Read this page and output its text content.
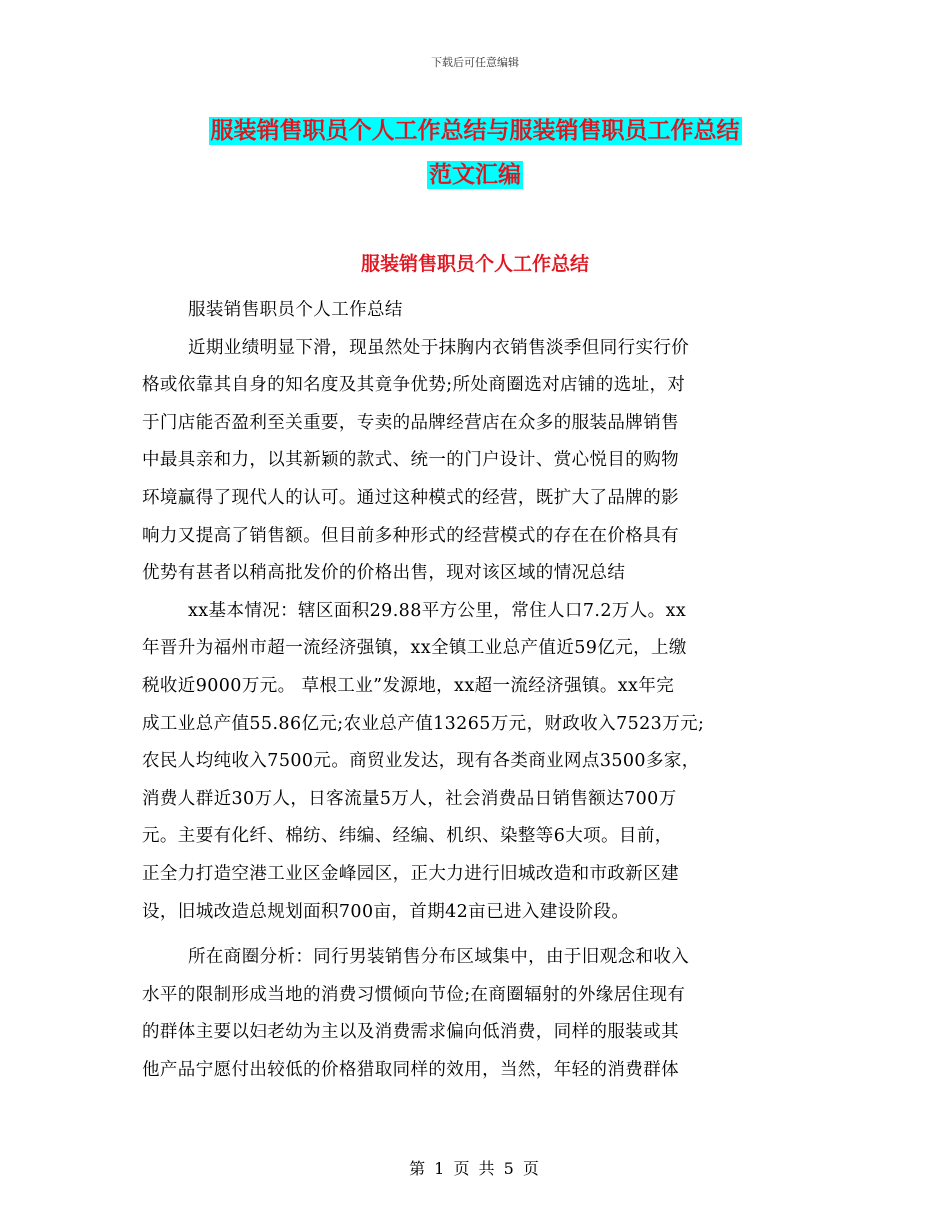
下载后可任意编辑
服装销售职员个人工作总结与服装销售职员工作总结
范文汇编
服装销售职员个人工作总结
服装销售职员个人工作总结
近期业绩明显下滑，现虽然处于抹胸内衣销售淡季但同行实行价
格或依靠其自身的知名度及其竟争优势;所处商圈选对店铺的选址，对
于门店能否盈利至关重要，专卖的品牌经营店在众多的服装品牌销售
中最具亲和力，以其新颖的款式、统一的门户设计、赏心悦目的购物
环境赢得了现代人的认可。通过这种模式的经营，既扩大了品牌的影
响力又提高了销售额。但目前多种形式的经营模式的存在在价格具有
优势有甚者以稍高批发价的价格出售，现对该区域的情况总结
xx基本情况：辖区面积29.88平方公里，常住人口7.2万人。xx
年晋升为福州市超一流经济强镇，xx全镇工业总产值近59亿元，上缴
税收近9000万元。 草根工业”发源地，xx超一流经济强镇。xx年完
成工业总产值55.86亿元;农业总产值13265万元，财政收入7523万元;
农民人均纯收入7500元。商贸业发达，现有各类商业网点3500多家，
消费人群近30万人，日客流量5万人，社会消费品日销售额达700万
元。主要有化纤、棉纺、纬编、经编、机织、染整等6大项。目前，
正全力打造空港工业区金峰园区，正大力进行旧城改造和市政新区建
设，旧城改造总规划面积700亩，首期42亩已进入建设阶段。
所在商圈分析：同行男装销售分布区域集中，由于旧观念和收入
水平的限制形成当地的消费习惯倾向节俭;在商圈辐射的外缘居住现有
的群体主要以妇老幼为主以及消费需求偏向低消费，同样的服装或其
他产品宁愿付出较低的价格猎取同样的效用，当然，年轻的消费群体
第 1 页 共 5 页
